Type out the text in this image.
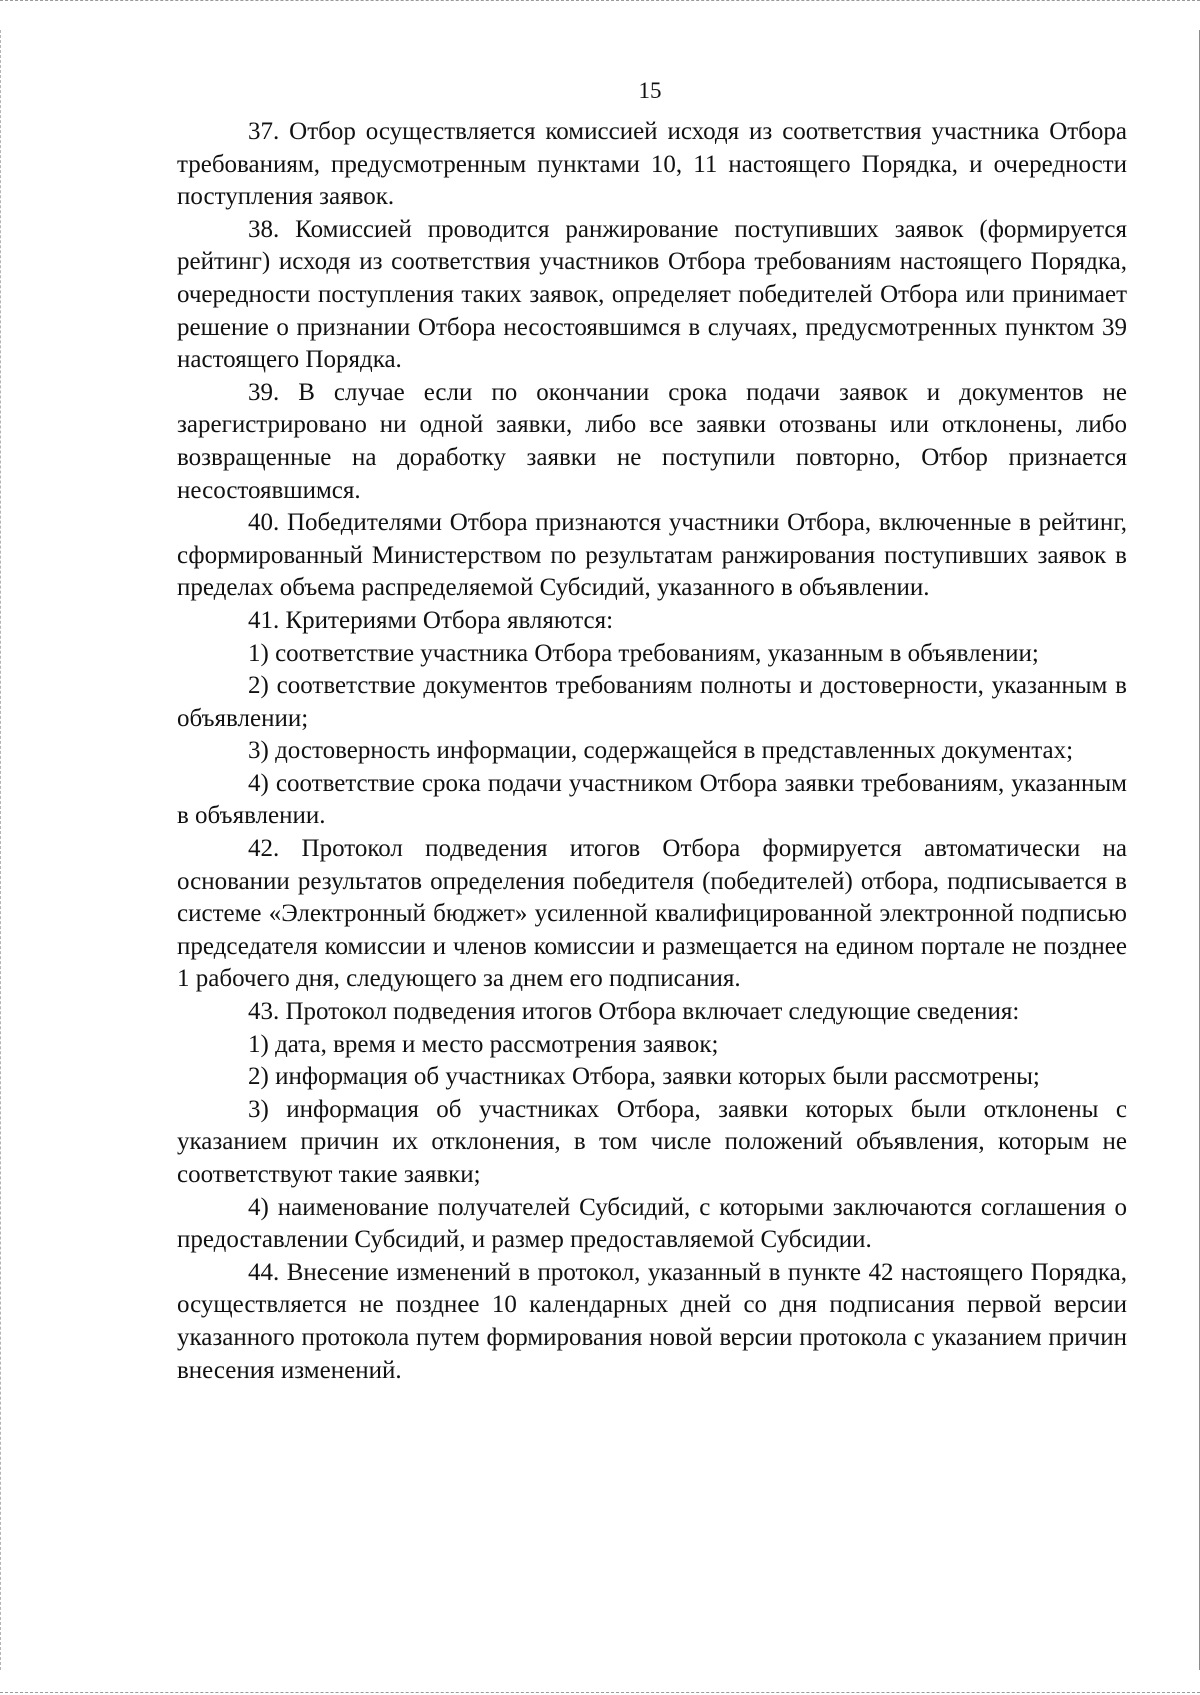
15

37. Отбор осуществляется комиссией исходя из соответствия участника Отбора требованиям, предусмотренным пунктами 10, 11 настоящего Порядка, и очередности поступления заявок.

38. Комиссией проводится ранжирование поступивших заявок (формируется рейтинг) исходя из соответствия участников Отбора требованиям настоящего Порядка, очередности поступления таких заявок, определяет победителей Отбора или принимает решение о признании Отбора несостоявшимся в случаях, предусмотренных пунктом 39 настоящего Порядка.

39. В случае если по окончании срока подачи заявок и документов не зарегистрировано ни одной заявки, либо все заявки отозваны или отклонены, либо возвращенные на доработку заявки не поступили повторно, Отбор признается несостоявшимся.

40. Победителями Отбора признаются участники Отбора, включенные в рейтинг, сформированный Министерством по результатам ранжирования поступивших заявок в пределах объема распределяемой Субсидий, указанного в объявлении.

41. Критериями Отбора являются:

1) соответствие участника Отбора требованиям, указанным в объявлении;

2) соответствие документов требованиям полноты и достоверности, указанным в объявлении;

3) достоверность информации, содержащейся в представленных документах;

4) соответствие срока подачи участником Отбора заявки требованиям, указанным в объявлении.

42. Протокол подведения итогов Отбора формируется автоматически на основании результатов определения победителя (победителей) отбора, подписывается в системе «Электронный бюджет» усиленной квалифицированной электронной подписью председателя комиссии и членов комиссии и размещается на едином портале не позднее 1 рабочего дня, следующего за днем его подписания.

43. Протокол подведения итогов Отбора включает следующие сведения:

1) дата, время и место рассмотрения заявок;

2) информация об участниках Отбора, заявки которых были рассмотрены;

3) информация об участниках Отбора, заявки которых были отклонены с указанием причин их отклонения, в том числе положений объявления, которым не соответствуют такие заявки;

4) наименование получателей Субсидий, с которыми заключаются соглашения о предоставлении Субсидий, и размер предоставляемой Субсидии.

44. Внесение изменений в протокол, указанный в пункте 42 настоящего Порядка, осуществляется не позднее 10 календарных дней со дня подписания первой версии указанного протокола путем формирования новой версии протокола с указанием причин внесения изменений.
